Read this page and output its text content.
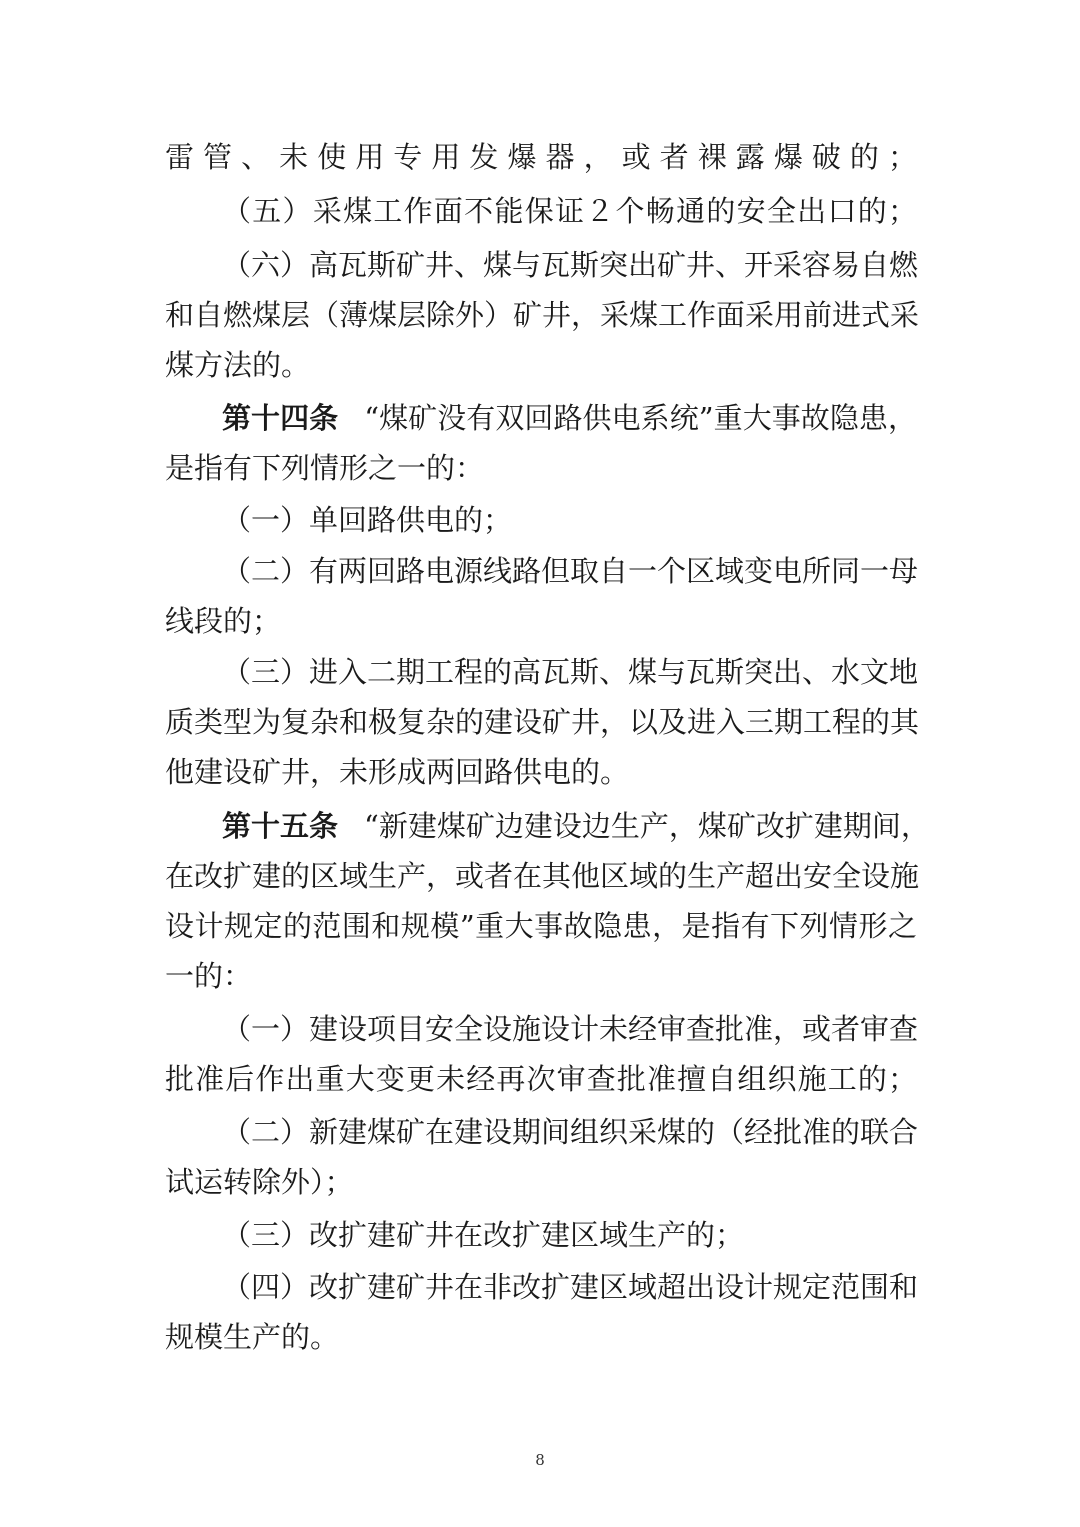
雷管、未使用专用发爆器，或者裸露爆破的；
（五）采煤工作面不能保证２个畅通的安全出口的；
（六）高瓦斯矿井、煤与瓦斯突出矿井、开采容易自燃
和自燃煤层（薄煤层除外）矿井，采煤工作面采用前进式采
煤方法的。
第十四条 “煤矿没有双回路供电系统”重大事故隐患，
是指有下列情形之一的：
（一）单回路供电的；
（二）有两回路电源线路但取自一个区域变电所同一母
线段的；
（三）进入二期工程的高瓦斯、煤与瓦斯突出、水文地
质类型为复杂和极复杂的建设矿井，以及进入三期工程的其
他建设矿井，未形成两回路供电的。
第十五条 “新建煤矿边建设边生产，煤矿改扩建期间，
在改扩建的区域生产，或者在其他区域的生产超出安全设施
设计规定的范围和规模”重大事故隐患，是指有下列情形之
一的：
（一）建设项目安全设施设计未经审查批准，或者审查
批准后作出重大变更未经再次审查批准擅自组织施工的；
（二）新建煤矿在建设期间组织采煤的（经批准的联合
试运转除外）；
（三）改扩建矿井在改扩建区域生产的；
（四）改扩建矿井在非改扩建区域超出设计规定范围和
规模生产的。
8
